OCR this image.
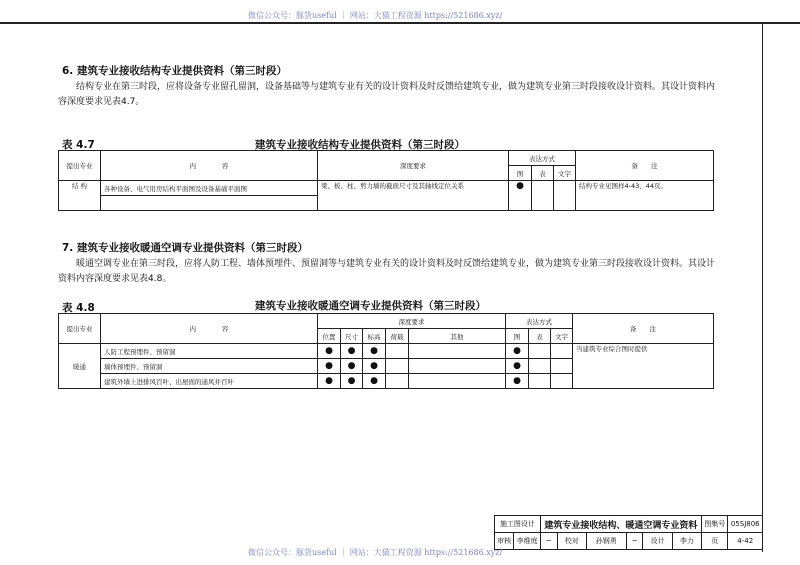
微信公众号：豚货useful ｜ 网站：大猫工程资源 https://521686.xyz/
6. 建筑专业接收结构专业提供资料（第三时段）
结构专业在第三时段，应将设备专业留孔留洞，设备基础等与建筑专业有关的设计资料及时反馈给建筑专业，做为建筑专业第三时段接收设计资料。其设计资料内容深度要求见表4.7。
表 4.7	建筑专业接收结构专业提供资料（第三时段）
提出专业	内　　　　容	深度要求	表达方式			备　　注
			图	表	文字	
结 构	各种设备、电气用房结构平面图及设备基础平面图	梁、板、柱、剪力墙的截面尺寸及其轴线定位关系	●			结构专业见图样4-43、44页。

7. 建筑专业接收暖通空调专业提供资料（第三时段）
暖通空调专业在第三时段，应将人防工程、墙体预埋件、预留洞等与建筑专业有关的设计资料及时反馈给建筑专业，做为建筑专业第三时段接收设计资料。其设计资料内容深度要求见表4.8。
表 4.8	建筑专业接收暖通空调专业提供资料（第三时段）
提出专业	内　　　　容	深度要求					表达方式			备　　注
		位置	尺寸	标高	荷载	其他	图	表	文字	
暖通	人防工程预埋件、预留洞	●	●	●			●			当建筑专业综合图时提供
	墙体预埋件、预留洞	●	●	●			●			
	建筑外墙上进排风百叶、出屋面的通风井百叶	●	●	●			●			
施工图设计		建筑专业接收结构、暖通空调专业资料						图集号	05SJ806
审核	李维庭	~	校对	孙钢勇	~	设计	李力	页	4-42
微信公众号：豚货useful ｜ 网站：大猫工程资源 https://521686.xyz/
